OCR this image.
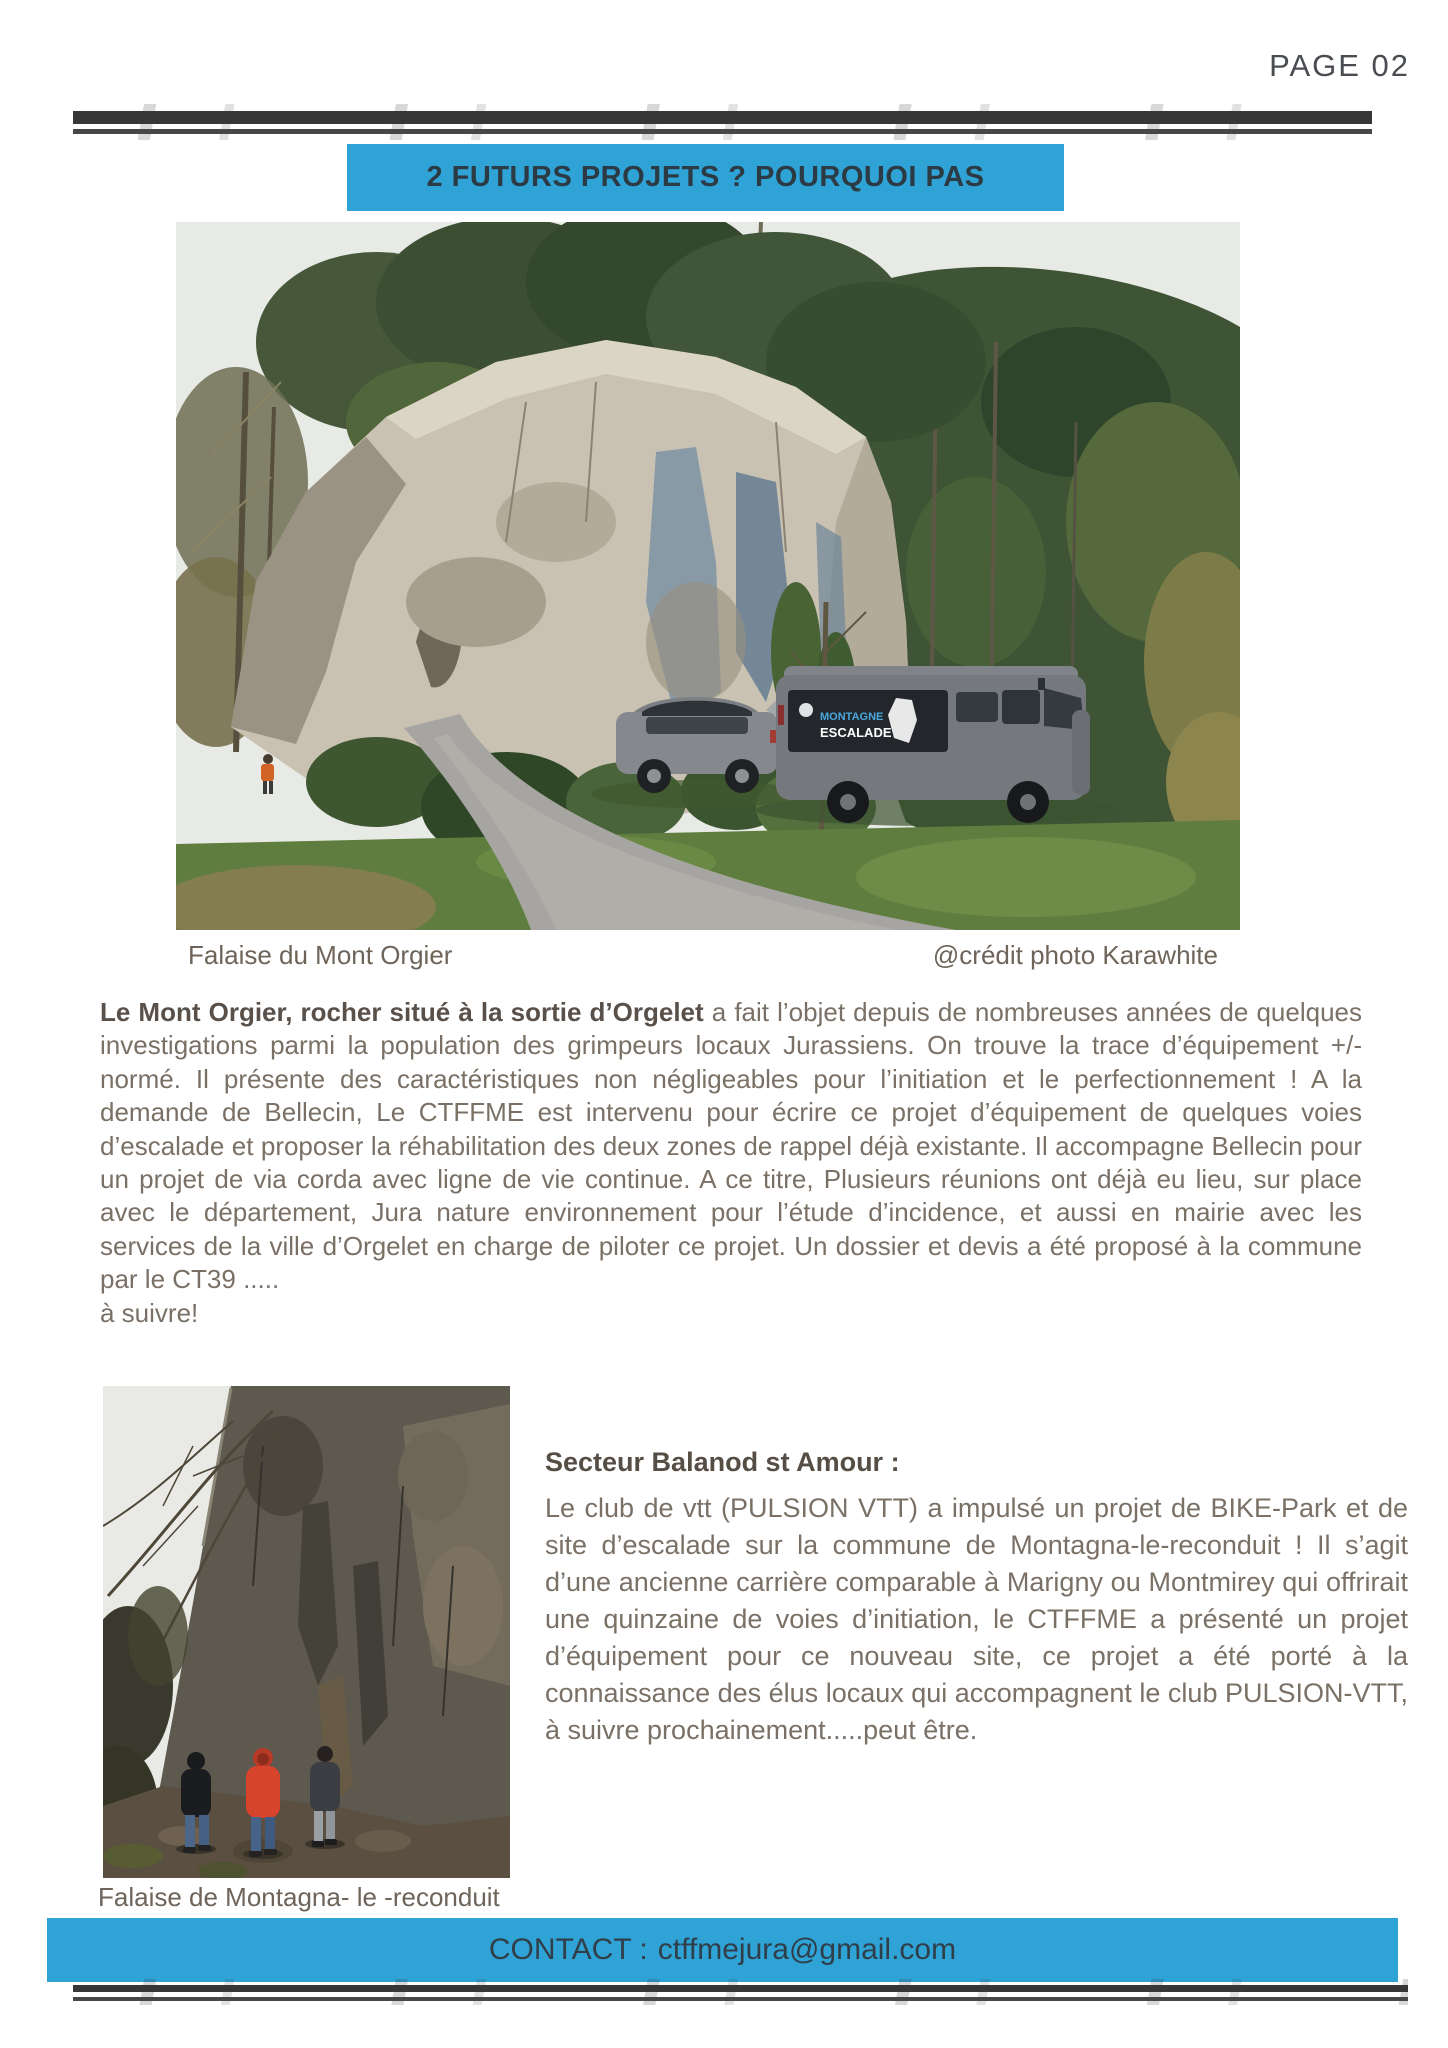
PAGE 02
2 FUTURS PROJETS ? POURQUOI PAS
MONTAGNE
ESCALADE
Falaise du Mont Orgier	@crédit photo Karawhite
Le Mont Orgier, rocher situé à la sortie d’Orgelet a fait l’objet depuis de nombreuses années de quelques investigations parmi la population des grimpeurs locaux Jurassiens. On trouve la trace d’équipement +/- normé. Il présente des caractéristiques non négligeables pour l’initiation et le perfectionnement ! A la demande de Bellecin, Le CTFFME est intervenu pour écrire ce projet d’équipement de quelques voies d’escalade et proposer la réhabilitation des deux zones de rappel déjà existante. Il accompagne Bellecin pour un projet de via corda avec ligne de vie continue. A ce titre, Plusieurs réunions ont déjà eu lieu, sur place avec le département, Jura nature environnement pour l’étude d’incidence, et aussi en mairie avec les services de la ville d’Orgelet en charge de piloter ce projet. Un dossier et devis a été proposé à la commune par le CT39 .....
à suivre!
Secteur Balanod st Amour :

Le club de vtt (PULSION VTT) a impulsé un projet de BIKE-Park et de site d’escalade sur la commune de Montagna-le-reconduit ! Il s’agit d’une ancienne carrière comparable à Marigny ou Montmirey qui offrirait une quinzaine de voies d’initiation, le CTFFME a présenté un projet d’équipement pour ce nouveau site, ce projet a été porté à la connaissance des élus locaux qui accompagnent le club PULSION-VTT, à suivre prochainement.....peut être.

Falaise de Montagna- le -reconduit
CONTACT : ctffmejura@gmail.com
